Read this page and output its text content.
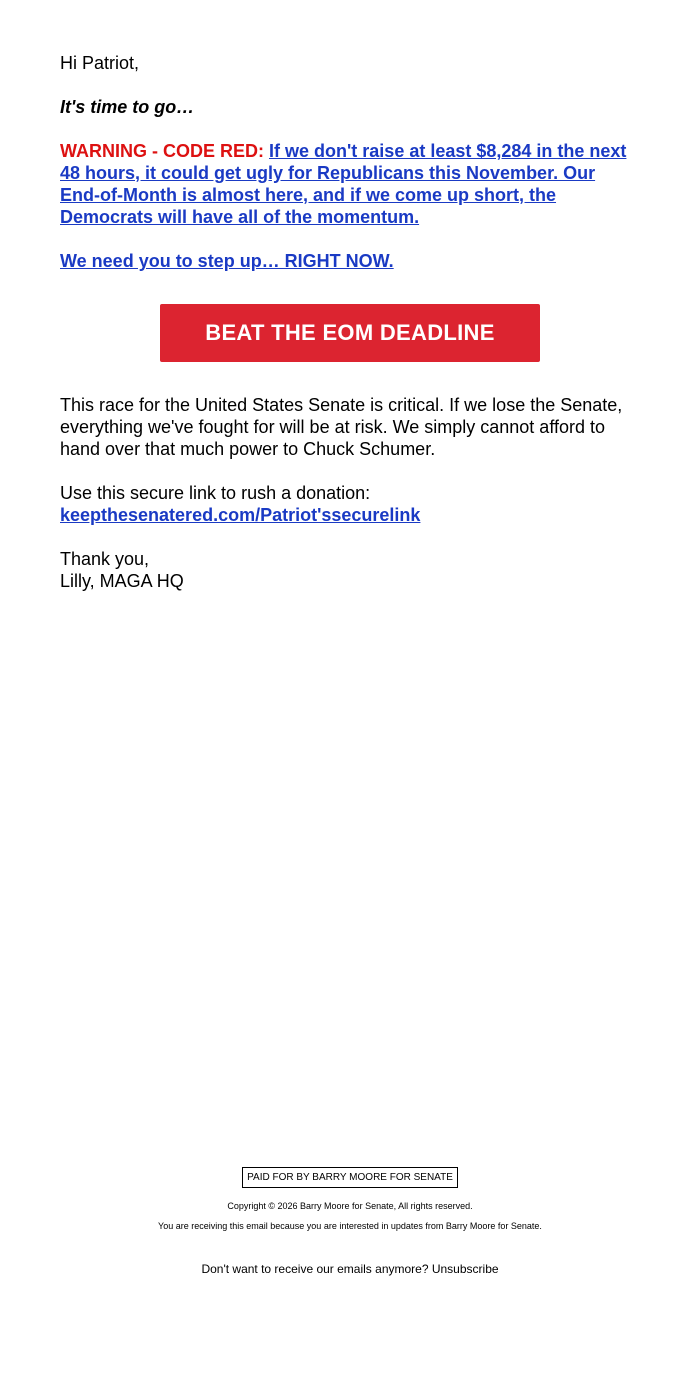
Hi Patriot,

It's time to go…

WARNING - CODE RED: If we don't raise at least $8,284 in the next 48 hours, it could get ugly for Republicans this November. Our End-of-Month is almost here, and if we come up short, the Democrats will have all of the momentum.

We need you to step up… RIGHT NOW.

BEAT THE EOM DEADLINE

This race for the United States Senate is critical. If we lose the Senate, everything we've fought for will be at risk. We simply cannot afford to hand over that much power to Chuck Schumer.

Use this secure link to rush a donation:
keepthesenatered.com/Patriot'ssecurelink

Thank you,
Lilly, MAGA HQ

PAID FOR BY BARRY MOORE FOR SENATE

Copyright © 2026 Barry Moore for Senate, All rights reserved.

You are receiving this email because you are interested in updates from Barry Moore for Senate.

Don't want to receive our emails anymore? Unsubscribe
